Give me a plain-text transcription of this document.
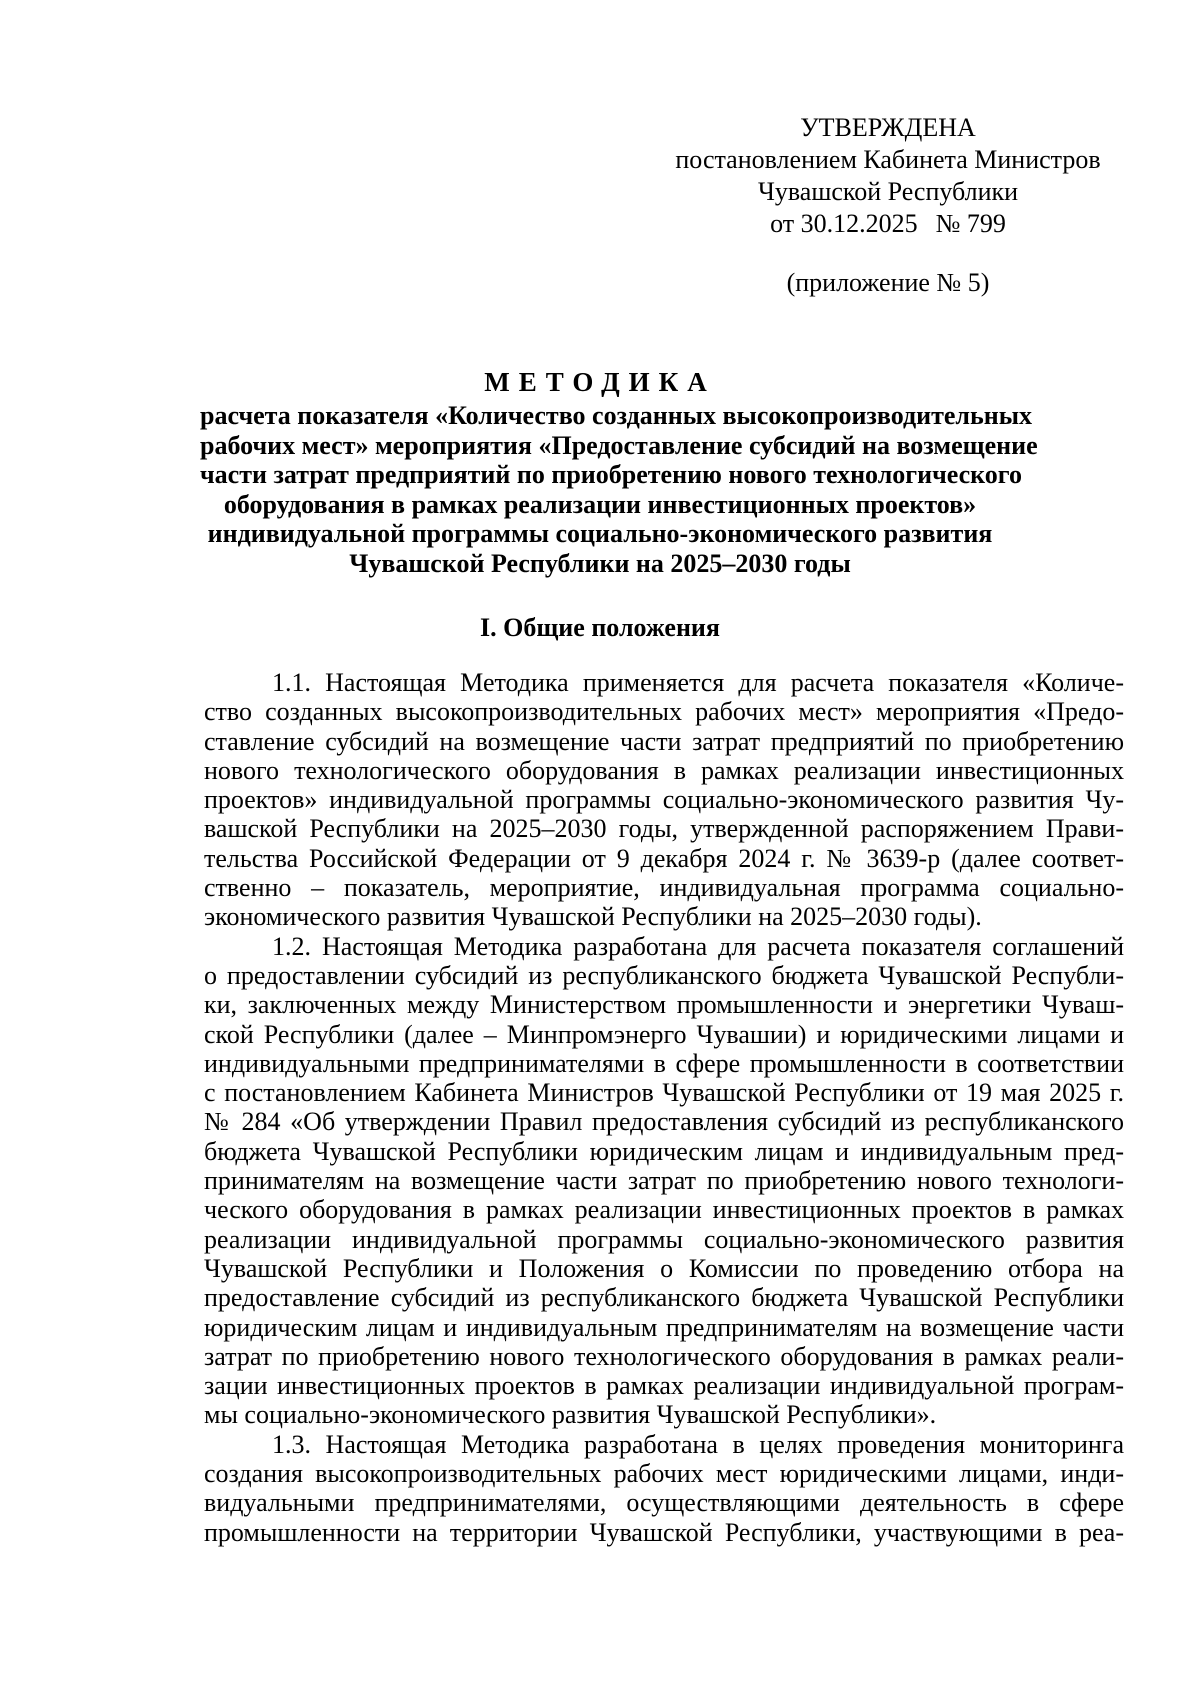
УТВЕРЖДЕНА
постановлением Кабинета Министров
Чувашской Республики
от 30.12.2025 № 799
(приложение № 5)
МЕТОДИКА
расчета показателя «Количество созданных высокопроизводительных
рабочих мест» мероприятия «Предоставление субсидий на возмещение
части затрат предприятий по приобретению нового технологического
оборудования в рамках реализации инвестиционных проектов»
индивидуальной программы социально-экономического развития
Чувашской Республики на 2025–2030 годы
I. Общие положения
1.1. Настоящая Методика применяется для расчета показателя «Количе-
ство созданных высокопроизводительных рабочих мест» мероприятия «Предо-
ставление субсидий на возмещение части затрат предприятий по приобретению
нового технологического оборудования в рамках реализации инвестиционных
проектов» индивидуальной программы социально-экономического развития Чу-
вашской Республики на 2025–2030 годы, утвержденной распоряжением Прави-
тельства Российской Федерации от 9 декабря 2024 г. № 3639-р (далее соответ-
ственно – показатель, мероприятие, индивидуальная программа социально-
экономического развития Чувашской Республики на 2025–2030 годы).
1.2. Настоящая Методика разработана для расчета показателя соглашений
о предоставлении субсидий из республиканского бюджета Чувашской Республи-
ки, заключенных между Министерством промышленности и энергетики Чуваш-
ской Республики (далее – Минпромэнерго Чувашии) и юридическими лицами и
индивидуальными предпринимателями в сфере промышленности в соответствии
с постановлением Кабинета Министров Чувашской Республики от 19 мая 2025 г.
№ 284 «Об утверждении Правил предоставления субсидий из республиканского
бюджета Чувашской Республики юридическим лицам и индивидуальным пред-
принимателям на возмещение части затрат по приобретению нового технологи-
ческого оборудования в рамках реализации инвестиционных проектов в рамках
реализации индивидуальной программы социально-экономического развития
Чувашской Республики и Положения о Комиссии по проведению отбора на
предоставление субсидий из республиканского бюджета Чувашской Республики
юридическим лицам и индивидуальным предпринимателям на возмещение части
затрат по приобретению нового технологического оборудования в рамках реали-
зации инвестиционных проектов в рамках реализации индивидуальной програм-
мы социально-экономического развития Чувашской Республики».
1.3. Настоящая Методика разработана в целях проведения мониторинга
создания высокопроизводительных рабочих мест юридическими лицами, инди-
видуальными предпринимателями, осуществляющими деятельность в сфере
промышленности на территории Чувашской Республики, участвующими в реа-
